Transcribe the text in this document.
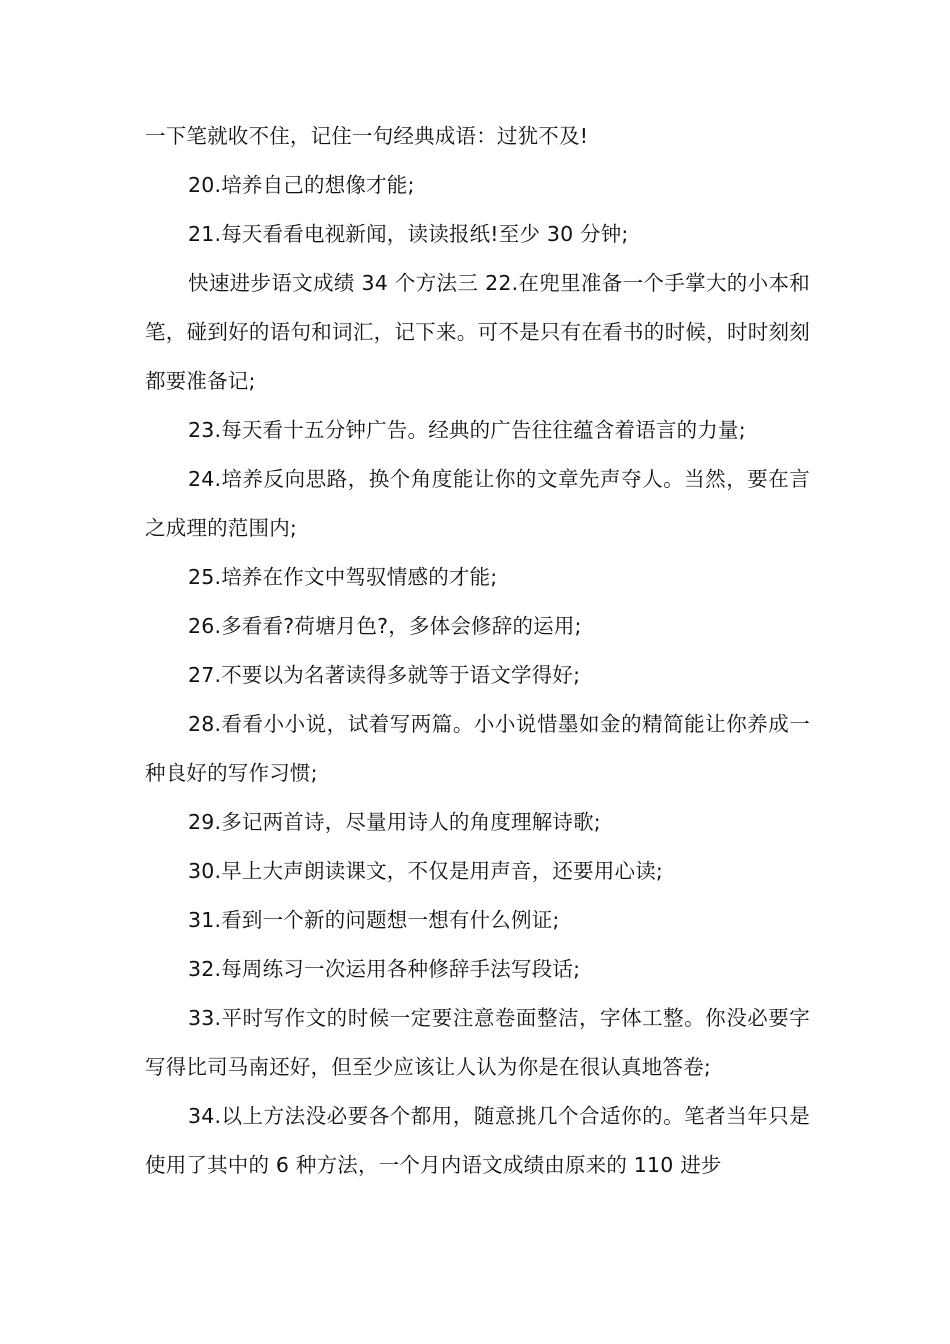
一下笔就收不住，记住一句经典成语：过犹不及!

20.培养自己的想像才能;

21.每天看看电视新闻，读读报纸!至少 30 分钟;

快速进步语文成绩 34 个方法三 22.在兜里准备一个手掌大的小本和笔，碰到好的语句和词汇，记下来。可不是只有在看书的时候，时时刻刻都要准备记;

23.每天看十五分钟广告。经典的广告往往蕴含着语言的力量;

24.培养反向思路，换个角度能让你的文章先声夺人。当然，要在言之成理的范围内;

25.培养在作文中驾驭情感的才能;

26.多看看?荷塘月色?，多体会修辞的运用;

27.不要以为名著读得多就等于语文学得好;

28.看看小小说，试着写两篇。小小说惜墨如金的精简能让你养成一种良好的写作习惯;

29.多记两首诗，尽量用诗人的角度理解诗歌;

30.早上大声朗读课文，不仅是用声音，还要用心读;

31.看到一个新的问题想一想有什么例证;

32.每周练习一次运用各种修辞手法写段话;

33.平时写作文的时候一定要注意卷面整洁，字体工整。你没必要字写得比司马南还好，但至少应该让人认为你是在很认真地答卷;

34.以上方法没必要各个都用，随意挑几个合适你的。笔者当年只是使用了其中的 6 种方法，一个月内语文成绩由原来的 110 进步
